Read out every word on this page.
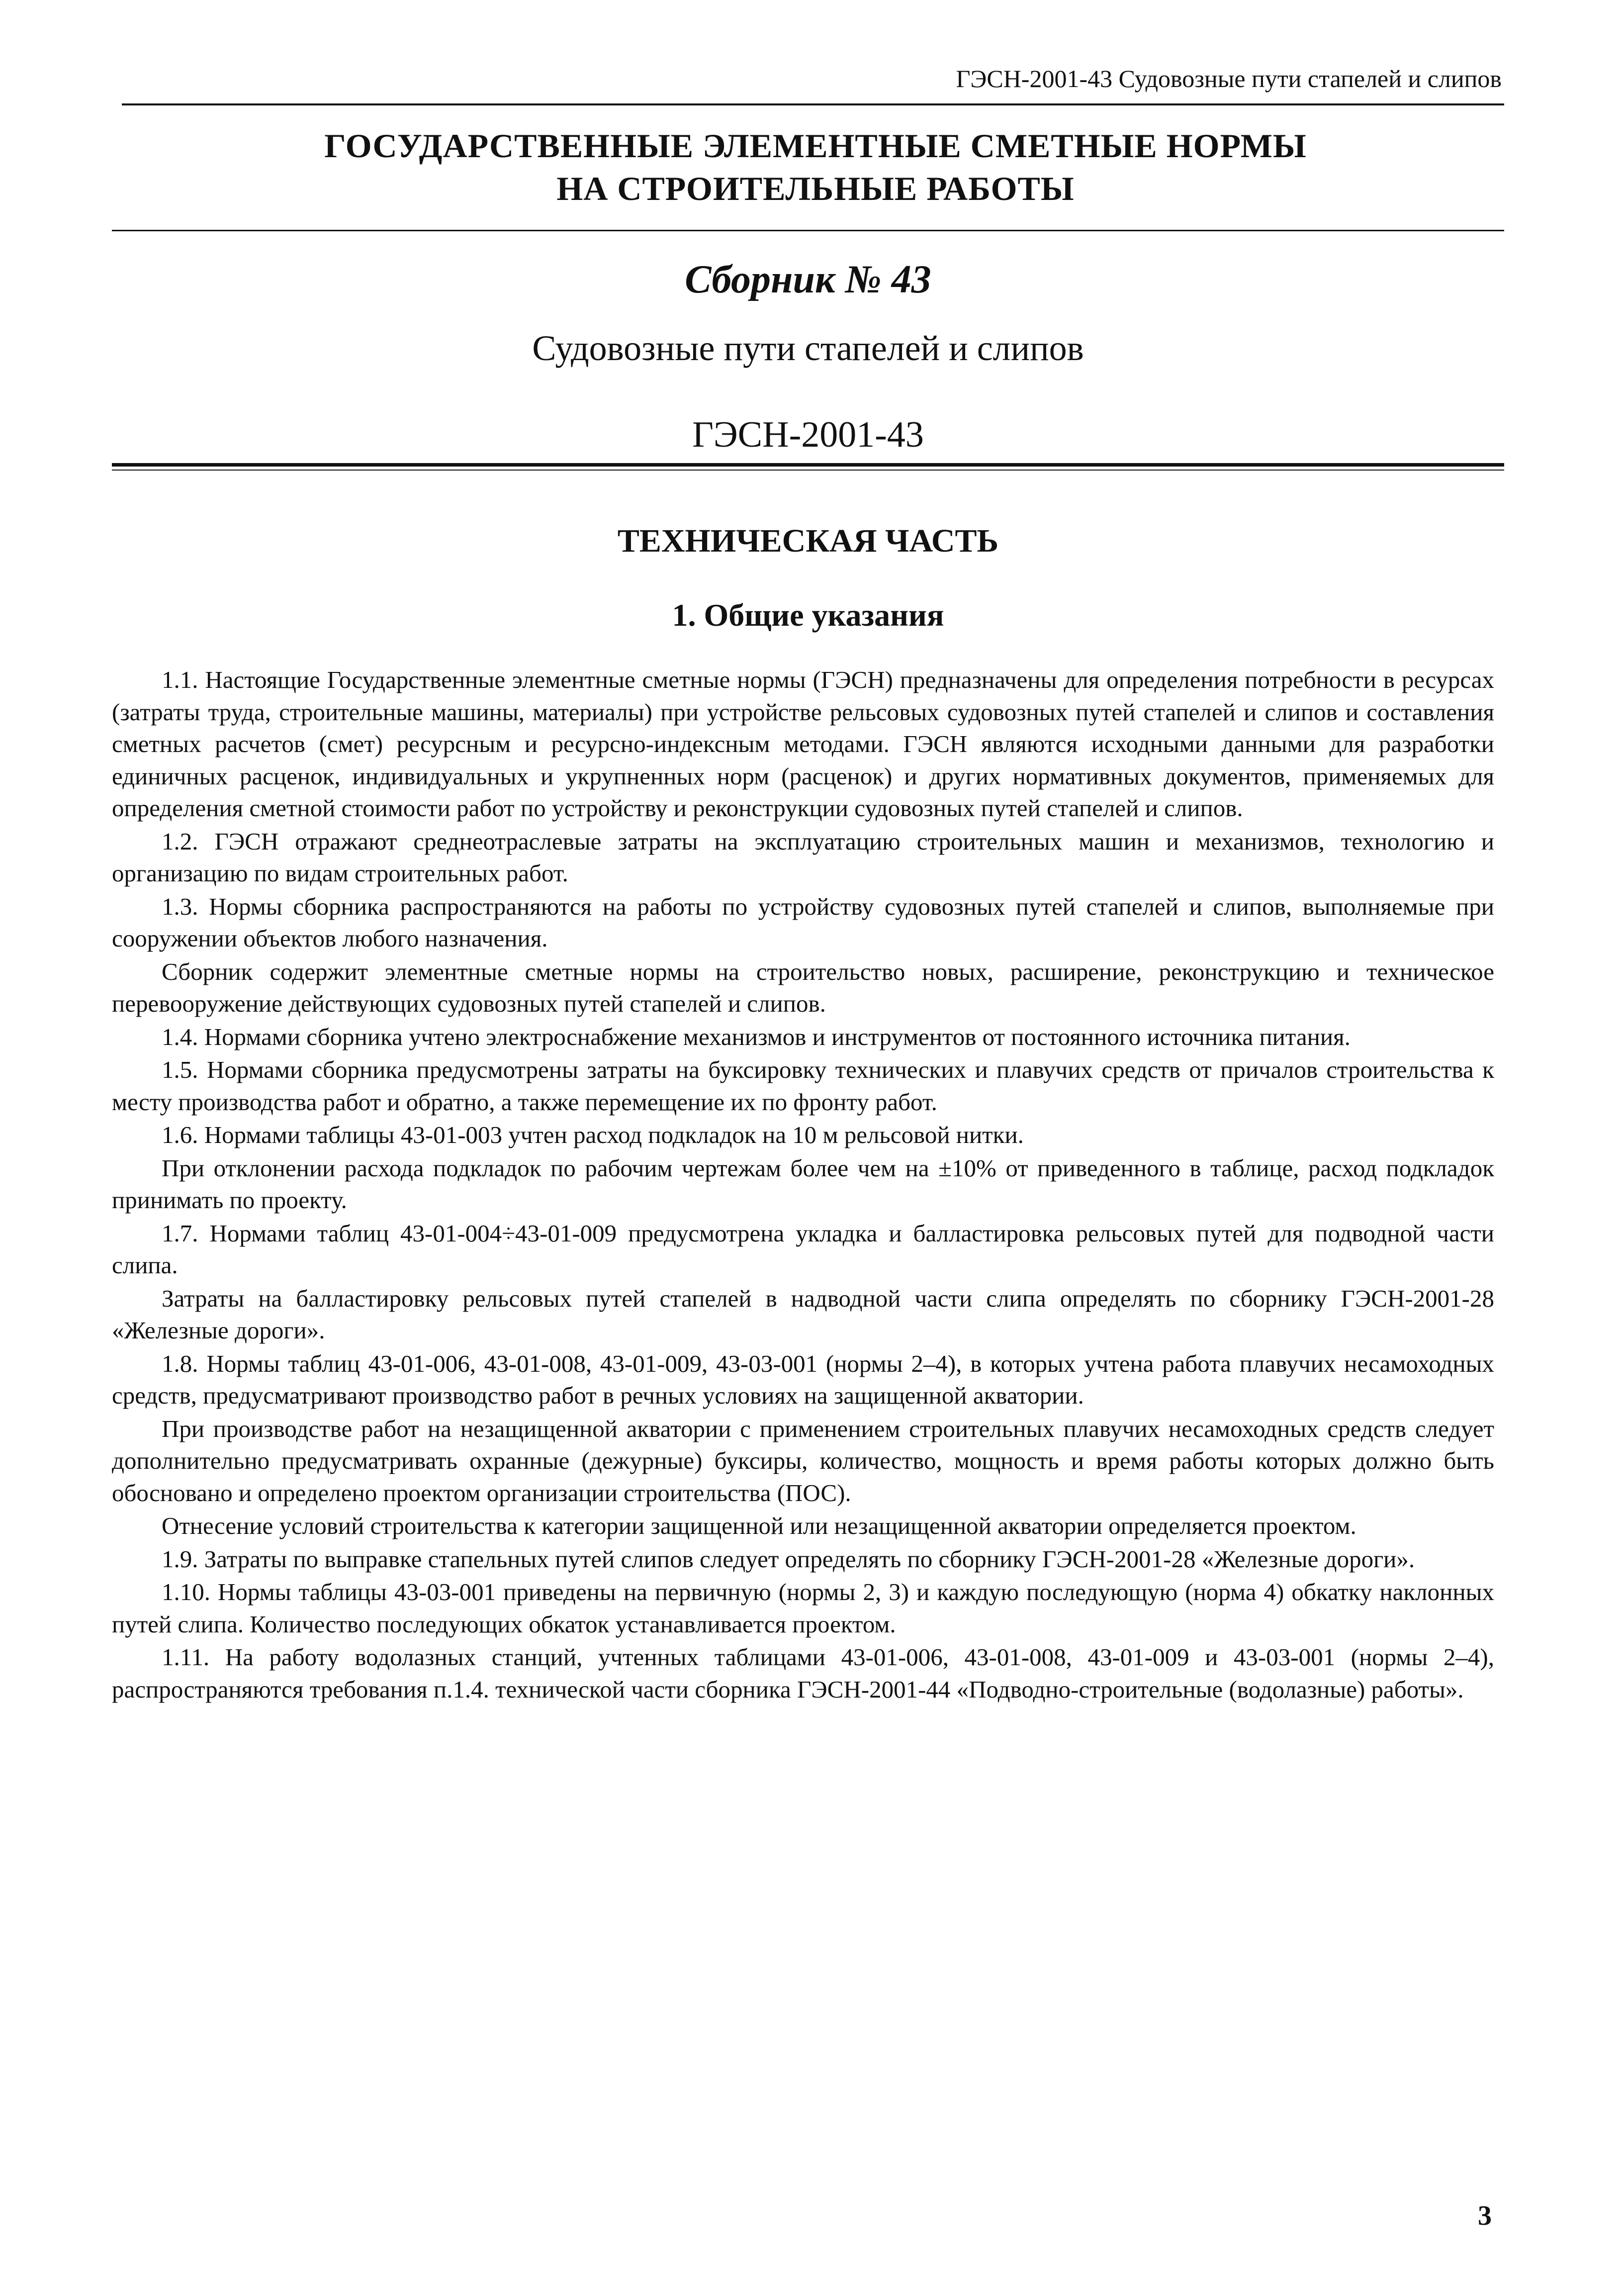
ГЭСН-2001-43 Судовозные пути стапелей и слипов
ГОСУДАРСТВЕННЫЕ ЭЛЕМЕНТНЫЕ СМЕТНЫЕ НОРМЫ
НА СТРОИТЕЛЬНЫЕ РАБОТЫ
Сборник № 43
Судовозные пути стапелей и слипов
ГЭСН-2001-43
ТЕХНИЧЕСКАЯ ЧАСТЬ
1. Общие указания

1.1. Настоящие Государственные элементные сметные нормы (ГЭСН) предназначены для определения потребности в ресурсах (затраты труда, строительные машины, материалы) при устройстве рельсовых судовозных путей стапелей и слипов и составления сметных расчетов (смет) ресурсным и ресурсно-индексным методами. ГЭСН являются исходными данными для разработки единичных расценок, индивидуальных и укрупненных норм (расценок) и других нормативных документов, применяемых для определения сметной стоимости работ по устройству и реконструкции судовозных путей стапелей и слипов.

1.2. ГЭСН отражают среднеотраслевые затраты на эксплуатацию строительных машин и механизмов, технологию и организацию по видам строительных работ.

1.3. Нормы сборника распространяются на работы по устройству судовозных путей стапелей и слипов, выполняемые при сооружении объектов любого назначения.

Сборник содержит элементные сметные нормы на строительство новых, расширение, реконструкцию и техническое перевооружение действующих судовозных путей стапелей и слипов.

1.4. Нормами сборника учтено электроснабжение механизмов и инструментов от постоянного источника питания.

1.5. Нормами сборника предусмотрены затраты на буксировку технических и плавучих средств от причалов строительства к месту производства работ и обратно, а также перемещение их по фронту работ.

1.6. Нормами таблицы 43-01-003 учтен расход подкладок на 10 м рельсовой нитки.

При отклонении расхода подкладок по рабочим чертежам более чем на ±10% от приведенного в таблице, расход подкладок принимать по проекту.

1.7. Нормами таблиц 43-01-004÷43-01-009 предусмотрена укладка и балластировка рельсовых путей для подводной части слипа.

Затраты на балластировку рельсовых путей стапелей в надводной части слипа определять по сборнику ГЭСН-2001-28 «Железные дороги».

1.8. Нормы таблиц 43-01-006, 43-01-008, 43-01-009, 43-03-001 (нормы 2–4), в которых учтена работа плавучих несамоходных средств, предусматривают производство работ в речных условиях на защищенной акватории.

При производстве работ на незащищенной акватории с применением строительных плавучих несамоходных средств следует дополнительно предусматривать охранные (дежурные) буксиры, количество, мощность и время работы которых должно быть обосновано и определено проектом организации строительства (ПОС).

Отнесение условий строительства к категории защищенной или незащищенной акватории определяется проектом.

1.9. Затраты по выправке стапельных путей слипов следует определять по сборнику ГЭСН-2001-28 «Железные дороги».

1.10. Нормы таблицы 43-03-001 приведены на первичную (нормы 2, 3) и каждую последующую (норма 4) обкатку наклонных путей слипа. Количество последующих обкаток устанавливается проектом.

1.11. На работу водолазных станций, учтенных таблицами 43-01-006, 43-01-008, 43-01-009 и 43-03-001 (нормы 2–4), распространяются требования п.1.4. технической части сборника ГЭСН-2001-44 «Подводно-строительные (водолазные) работы».

3
